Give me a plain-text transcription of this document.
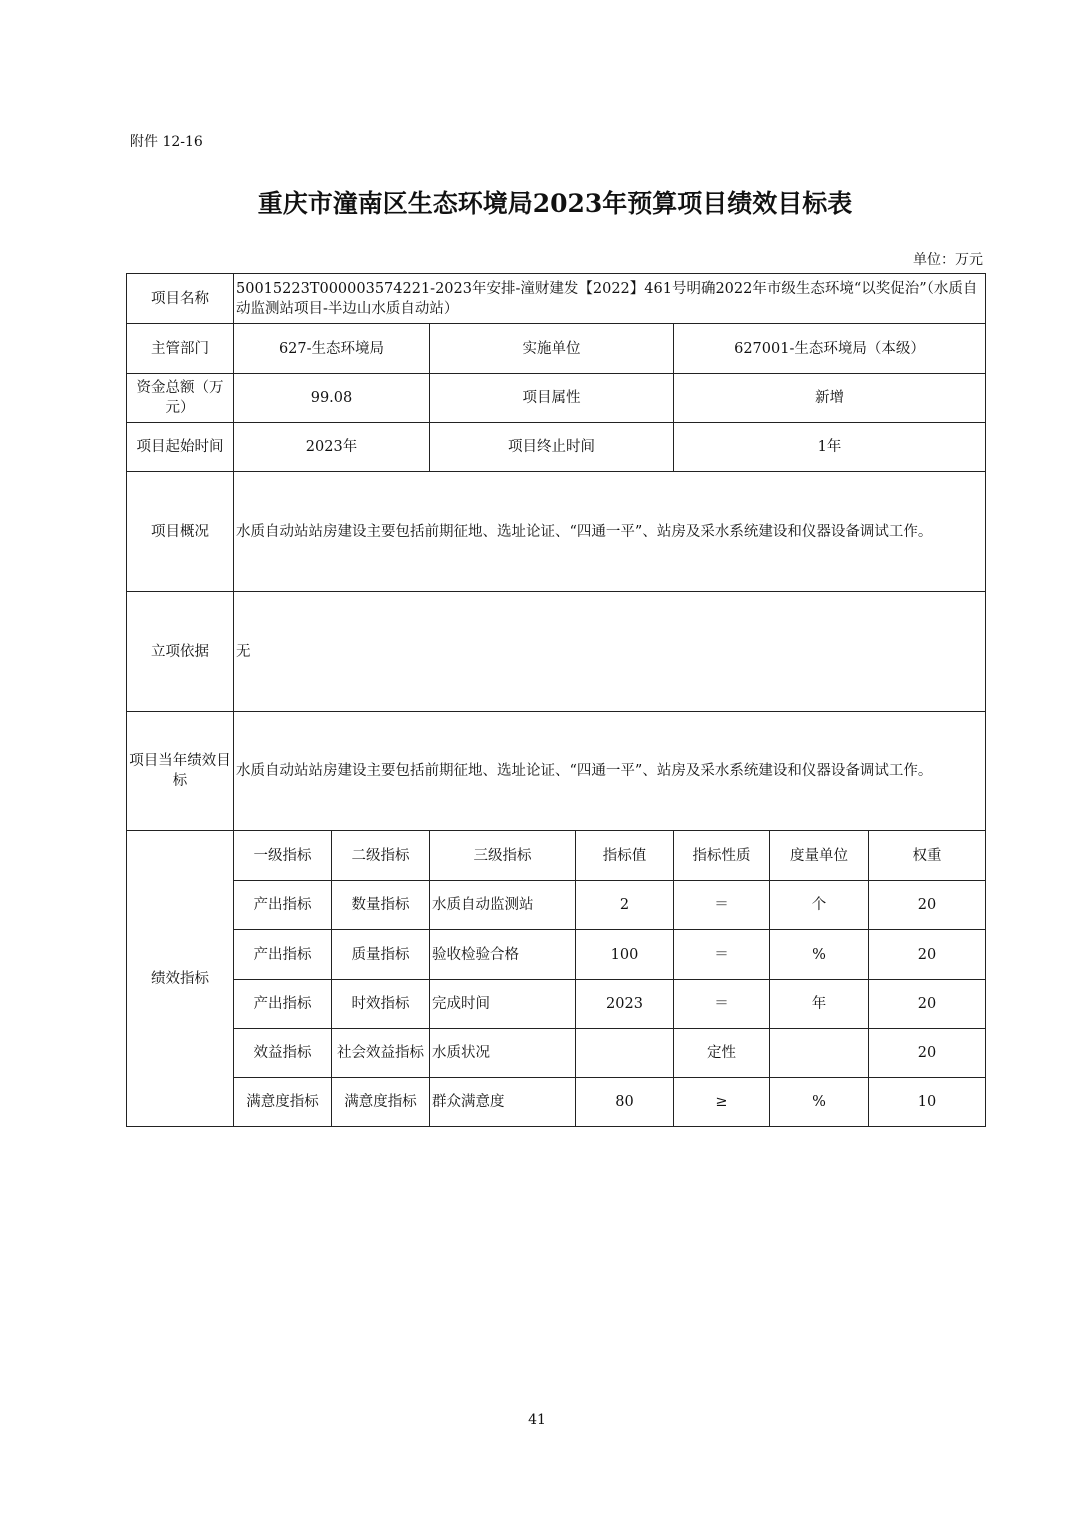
附件 12-16
重庆市潼南区生态环境局2023年预算项目绩效目标表
单位：万元
项目名称	50015223T000003574221-2023年安排-潼财建发【2022】461号明确2022年市级生态环境“以奖促治”（水质自动监测站项目-半边山水质自动站）						
主管部门	627-生态环境局		实施单位		627001-生态环境局（本级）		
资金总额（万元）	99.08		项目属性		新增		
项目起始时间	2023年		项目终止时间		1年		
项目概况	水质自动站站房建设主要包括前期征地、选址论证、“四通一平”、站房及采水系统建设和仪器设备调试工作。						
立项依据	无						
项目当年绩效目标	水质自动站站房建设主要包括前期征地、选址论证、“四通一平”、站房及采水系统建设和仪器设备调试工作。						
绩效指标	一级指标	二级指标	三级指标	指标值	指标性质	度量单位	权重
	产出指标	数量指标	水质自动监测站	2	＝	个	20
	产出指标	质量指标	验收检验合格	100	＝	%	20
	产出指标	时效指标	完成时间	2023	＝	年	20
	效益指标	社会效益指标	水质状况		定性		20
	满意度指标	满意度指标	群众满意度	80	≥	%	10
41
